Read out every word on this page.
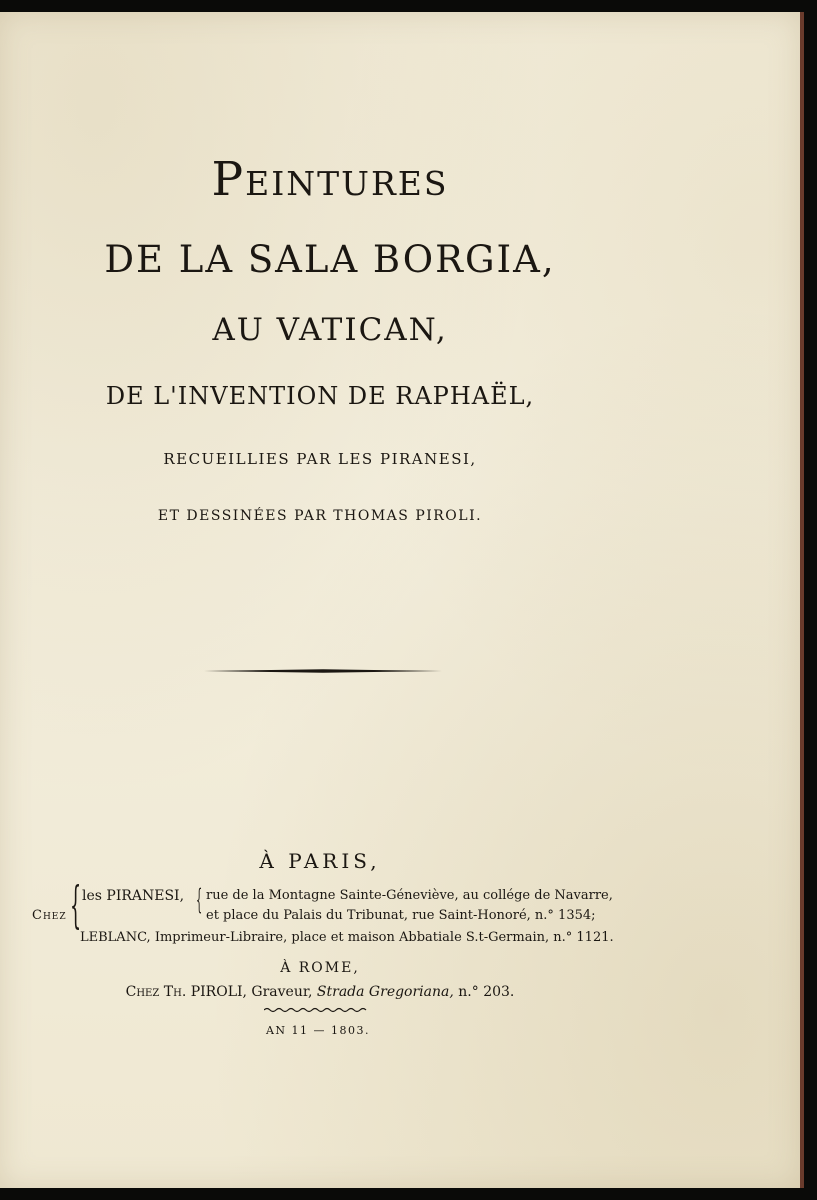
Peintures
DE LA SALA BORGIA,
AU VATICAN,
DE L'INVENTION DE RAPHAËL,
RECUEILLIES PAR LES PIRANESI,
ET DESSINÉES PAR THOMAS PIROLI.
À PARIS,
Chez { les PIRANESI, { rue de la Montagne Sainte-Géneviève, au collége de Navarre,
et place du Palais du Tribunat, rue Saint-Honoré, n.° 1354;
LEBLANC, Imprimeur-Libraire, place et maison Abbatiale S.t-Germain, n.° 1121.
À ROME,
Chez Th. PIROLI, Graveur, Strada Gregoriana, n.° 203.
AN 11 — 1803.
